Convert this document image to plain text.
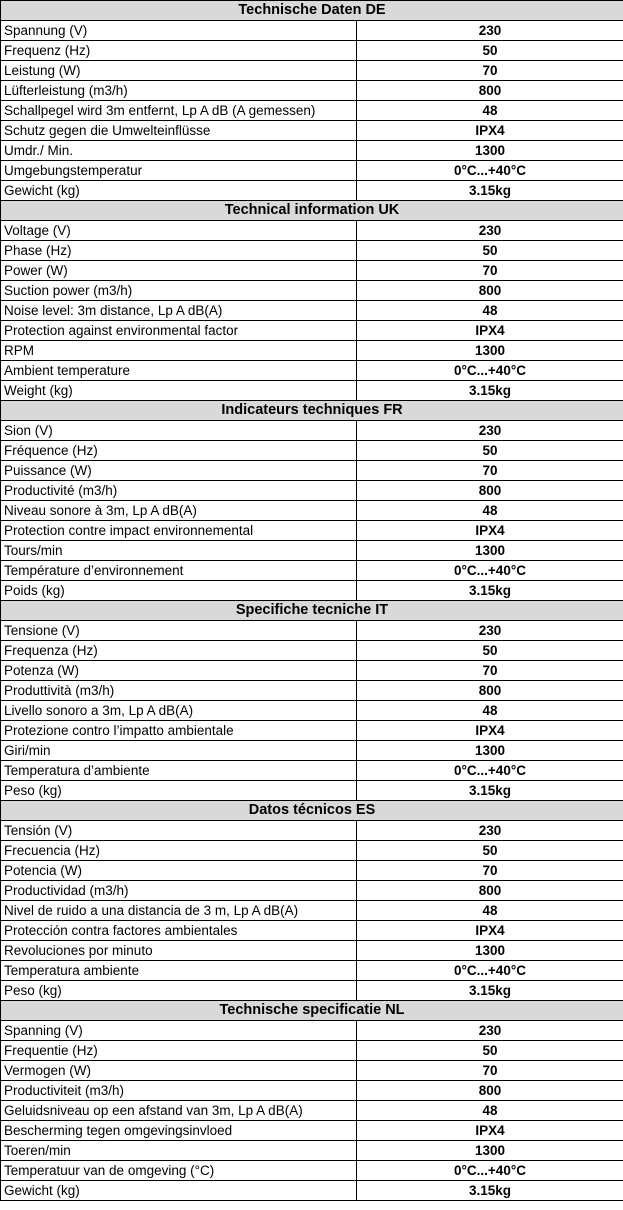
Technische Daten DE	
Spannung (V)	230
Frequenz (Hz)	50
Leistung (W)	70
Lüfterleistung (m3/h)	800
Schallpegel wird 3m entfernt, Lp A dB (A gemessen)	48
Schutz gegen die Umwelteinflüsse	IPX4
Umdr./ Min.	1300
Umgebungstemperatur	0°C...+40°C
Gewicht (kg)	3.15kg
Technical information UK	
Voltage (V)	230
Phase (Hz)	50
Power (W)	70
Suction power (m3/h)	800
Noise level: 3m distance, Lp A dB(A)	48
Protection against environmental factor	IPX4
RPM	1300
Ambient temperature	0°C...+40°C
Weight (kg)	3.15kg
Indicateurs techniques FR	
Sion (V)	230
Fréquence (Hz)	50
Puissance (W)	70
Productivité (m3/h)	800
Niveau sonore à 3m, Lp A dB(A)	48
Protection contre impact environnemental	IPX4
Tours/min	1300
Température d’environnement	0°C...+40°C
Poids (kg)	3.15kg
Specifiche tecniche IT	
Tensione (V)	230
Frequenza (Hz)	50
Potenza (W)	70
Produttività (m3/h)	800
Livello sonoro a 3m, Lp A dB(A)	48
Protezione contro l’impatto ambientale	IPX4
Giri/min	1300
Temperatura d’ambiente	0°C...+40°C
Peso (kg)	3.15kg
Datos técnicos ES	
Tensión (V)	230
Frecuencia (Hz)	50
Potencia (W)	70
Productividad (m3/h)	800
Nivel de ruido a una distancia de 3 m, Lp A dB(A)	48
Protección contra factores ambientales	IPX4
Revoluciones por minuto	1300
Temperatura ambiente	0°C...+40°C
Peso (kg)	3.15kg
Technische specificatie NL	
Spanning (V)	230
Frequentie (Hz)	50
Vermogen (W)	70
Productiviteit (m3/h)	800
Geluidsniveau op een afstand van 3m, Lp A dB(A)	48
Bescherming tegen omgevingsinvloed	IPX4
Toeren/min	1300
Temperatuur van de omgeving (°C)	0°C...+40°C
Gewicht (kg)	3.15kg
